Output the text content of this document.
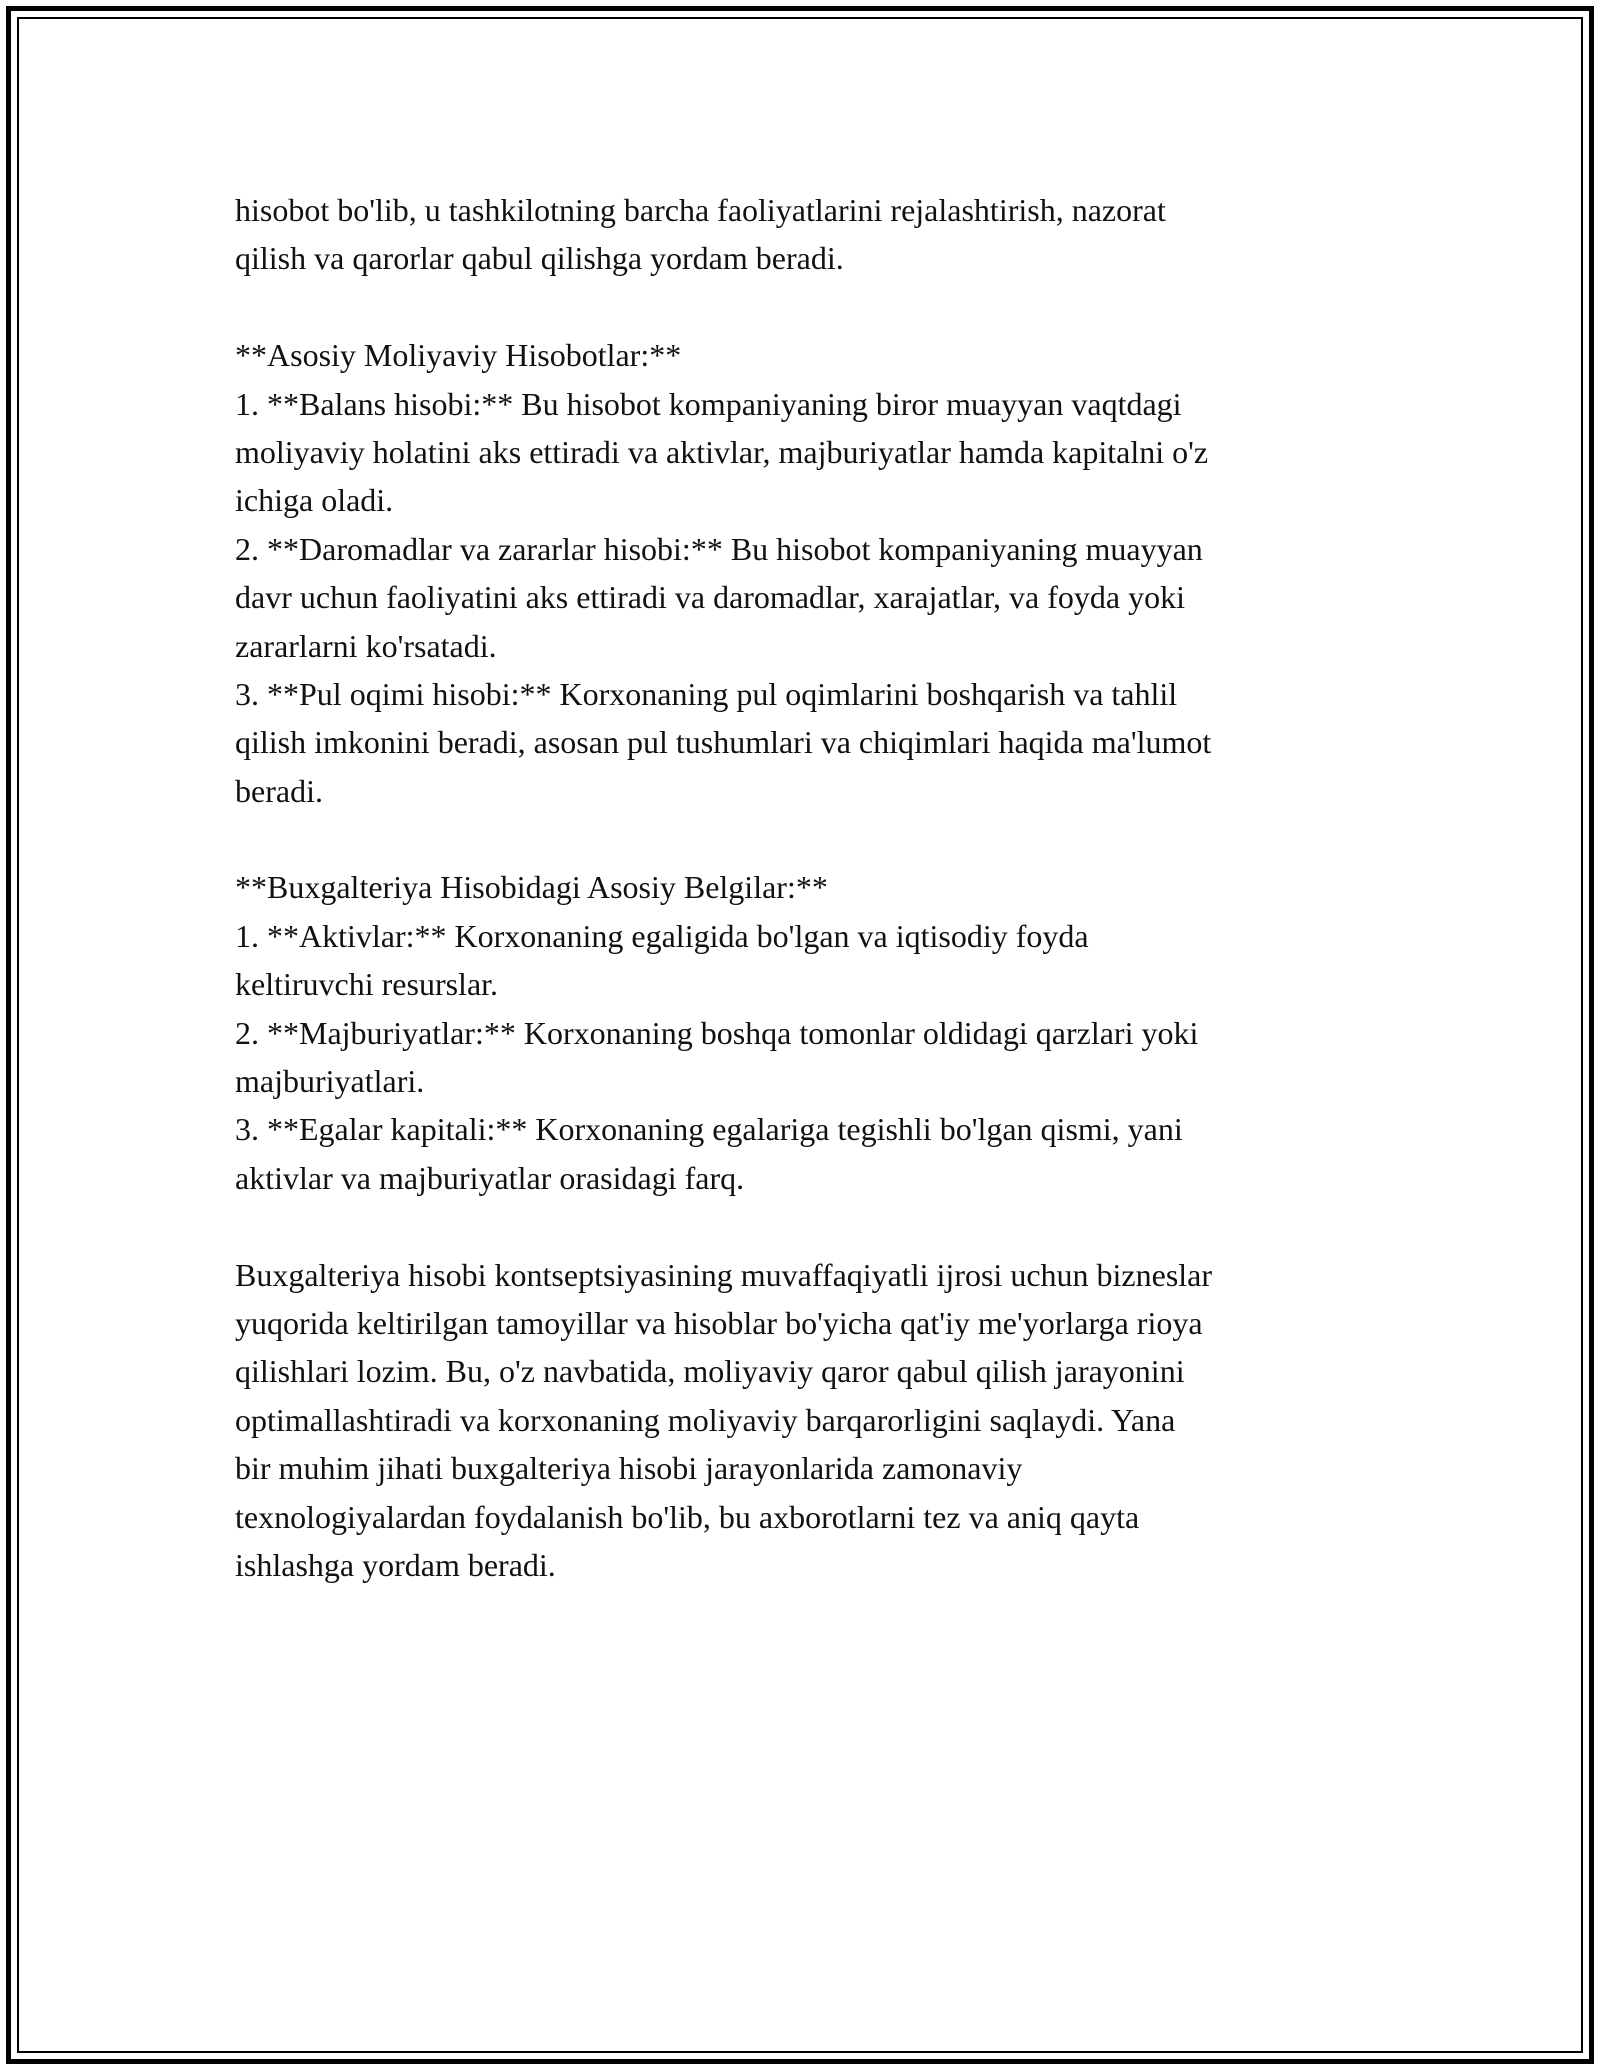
hisobot bo'lib, u tashkilotning barcha faoliyatlarini rejalashtirish, nazorat
qilish va qarorlar qabul qilishga yordam beradi.
**Asosiy Moliyaviy Hisobotlar:**
1. **Balans hisobi:** Bu hisobot kompaniyaning biror muayyan vaqtdagi
moliyaviy holatini aks ettiradi va aktivlar, majburiyatlar hamda kapitalni o'z
ichiga oladi.
2. **Daromadlar va zararlar hisobi:** Bu hisobot kompaniyaning muayyan
davr uchun faoliyatini aks ettiradi va daromadlar, xarajatlar, va foyda yoki
zararlarni ko'rsatadi.
3. **Pul oqimi hisobi:** Korxonaning pul oqimlarini boshqarish va tahlil
qilish imkonini beradi, asosan pul tushumlari va chiqimlari haqida ma'lumot
beradi.
**Buxgalteriya Hisobidagi Asosiy Belgilar:**
1. **Aktivlar:** Korxonaning egaligida bo'lgan va iqtisodiy foyda
keltiruvchi resurslar.
2. **Majburiyatlar:** Korxonaning boshqa tomonlar oldidagi qarzlari yoki
majburiyatlari.
3. **Egalar kapitali:** Korxonaning egalariga tegishli bo'lgan qismi, yani
aktivlar va majburiyatlar orasidagi farq.
Buxgalteriya hisobi kontseptsiyasining muvaffaqiyatli ijrosi uchun bizneslar
yuqorida keltirilgan tamoyillar va hisoblar bo'yicha qat'iy me'yorlarga rioya
qilishlari lozim. Bu, o'z navbatida, moliyaviy qaror qabul qilish jarayonini
optimallashtiradi va korxonaning moliyaviy barqarorligini saqlaydi. Yana
bir muhim jihati buxgalteriya hisobi jarayonlarida zamonaviy
texnologiyalardan foydalanish bo'lib, bu axborotlarni tez va aniq qayta
ishlashga yordam beradi.
